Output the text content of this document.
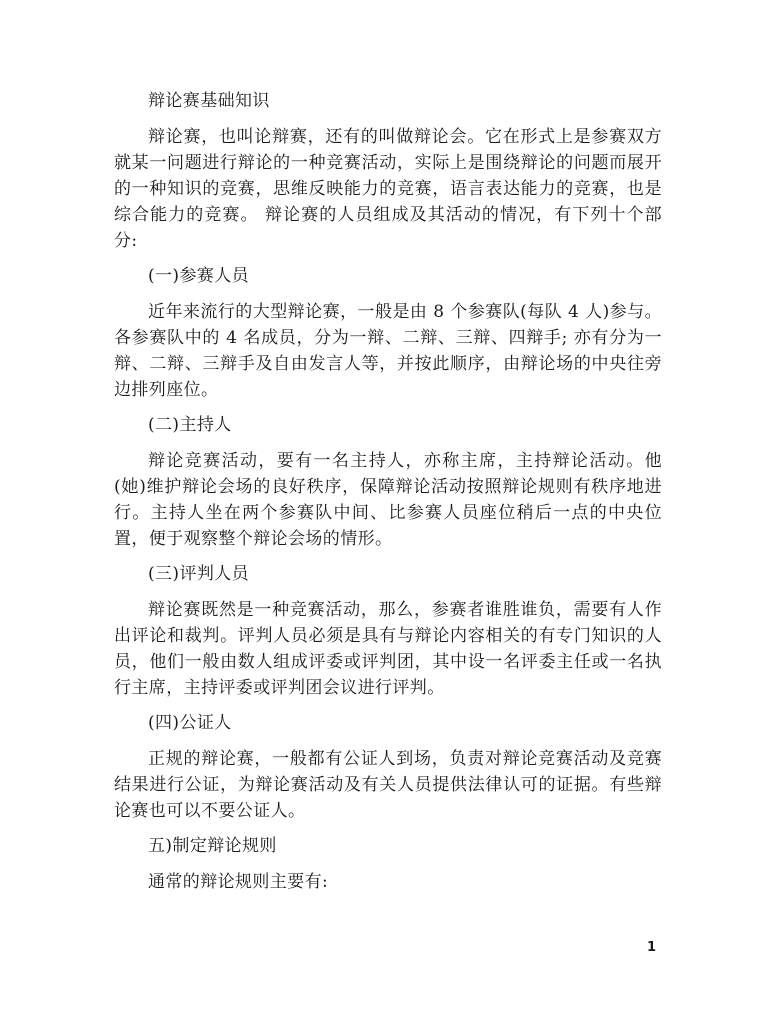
辩论赛基础知识

辩论赛，也叫论辩赛，还有的叫做辩论会。它在形式上是参赛双方就某一问题进行辩论的一种竞赛活动，实际上是围绕辩论的问题而展开的一种知识的竞赛，思维反映能力的竞赛，语言表达能力的竞赛，也是综合能力的竞赛。 辩论赛的人员组成及其活动的情况，有下列十个部分:

(一)参赛人员

近年来流行的大型辩论赛，一般是由 8 个参赛队(每队 4 人)参与。各参赛队中的 4 名成员，分为一辩、二辩、三辩、四辩手; 亦有分为一辩、二辩、三辩手及自由发言人等，并按此顺序，由辩论场的中央往旁边排列座位。

(二)主持人

辩论竞赛活动，要有一名主持人，亦称主席，主持辩论活动。他(她)维护辩论会场的良好秩序，保障辩论活动按照辩论规则有秩序地进行。主持人坐在两个参赛队中间、比参赛人员座位稍后一点的中央位置，便于观察整个辩论会场的情形。

(三)评判人员

辩论赛既然是一种竞赛活动，那么，参赛者谁胜谁负，需要有人作出评论和裁判。评判人员必须是具有与辩论内容相关的有专门知识的人员，他们一般由数人组成评委或评判团，其中设一名评委主任或一名执行主席，主持评委或评判团会议进行评判。

(四)公证人

正规的辩论赛，一般都有公证人到场，负责对辩论竞赛活动及竞赛结果进行公证，为辩论赛活动及有关人员提供法律认可的证据。有些辩论赛也可以不要公证人。

五)制定辩论规则

通常的辩论规则主要有:

1
